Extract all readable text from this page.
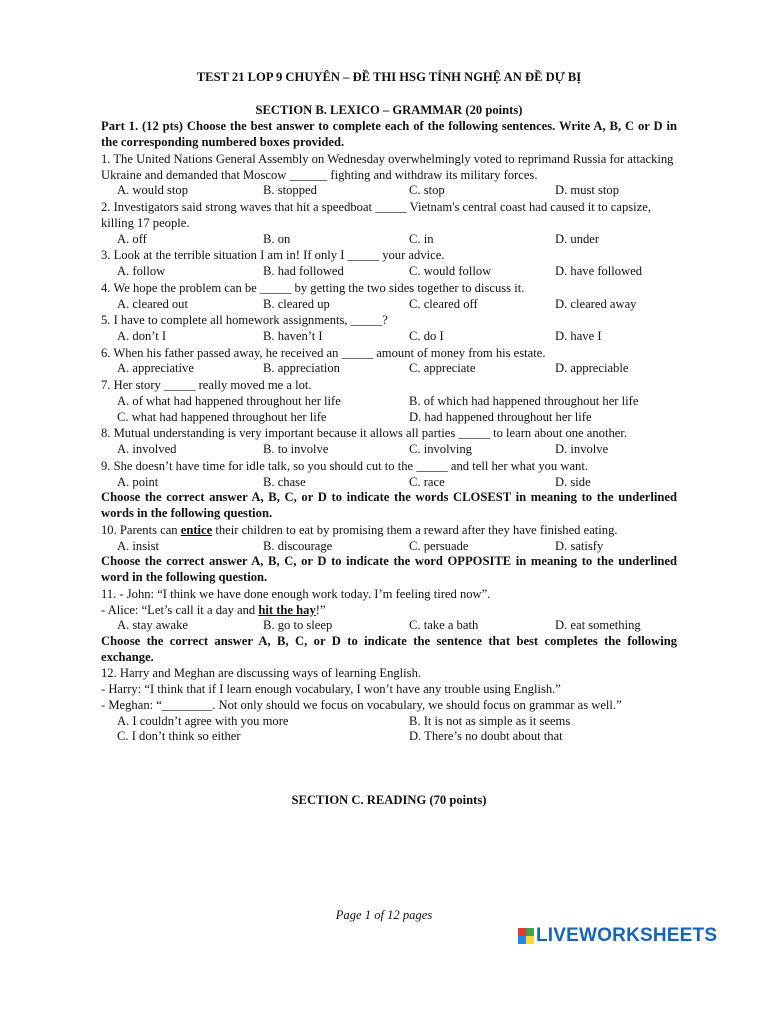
TEST 21 LOP 9 CHUYÊN – ĐỀ THI HSG TỈNH NGHỆ AN ĐỀ DỰ BỊ
SECTION B. LEXICO – GRAMMAR (20 points)
Part 1. (12 pts) Choose the best answer to complete each of the following sentences. Write A, B, C or D in the corresponding numbered boxes provided.
1. The United Nations General Assembly on Wednesday overwhelmingly voted to reprimand Russia for attacking Ukraine and demanded that Moscow ______ fighting and withdraw its military forces.
A. would stop	B. stopped	C. stop	D. must stop
2. Investigators said strong waves that hit a speedboat _____ Vietnam's central coast had caused it to capsize, killing 17 people.
A. off	B. on	C. in	D. under
3. Look at the terrible situation I am in! If only I _____ your advice.
A. follow	B. had followed	C. would follow	D. have followed
4. We hope the problem can be _____ by getting the two sides together to discuss it.
A. cleared out	B. cleared up	C. cleared off	D. cleared away
5. I have to complete all homework assignments, _____?
A. don’t I	B. haven’t I	C. do I	D. have I
6. When his father passed away, he received an _____ amount of money from his estate.
A. appreciative	B. appreciation	C. appreciate	D. appreciable
7. Her story _____ really moved me a lot.
A. of what had happened throughout her life	B. of which had happened throughout her life
C. what had happened throughout her life	D. had happened throughout her life
8. Mutual understanding is very important because it allows all parties _____ to learn about one another.
A. involved	B. to involve	C. involving	D. involve
9. She doesn’t have time for idle talk, so you should cut to the _____ and tell her what you want.
A. point	B. chase	C. race	D. side
Choose the correct answer A, B, C, or D to indicate the words CLOSEST in meaning to the underlined words in the following question.
10. Parents can entice their children to eat by promising them a reward after they have finished eating.
A. insist	B. discourage	C. persuade	D. satisfy
Choose the correct answer A, B, C, or D to indicate the word OPPOSITE in meaning to the underlined word in the following question.
11. - John: “I think we have done enough work today. I’m feeling tired now”.
- Alice: “Let’s call it a day and hit the hay!”
A. stay awake	B. go to sleep	C. take a bath	D. eat something
Choose the correct answer A, B, C, or D to indicate the sentence that best completes the following exchange.
12. Harry and Meghan are discussing ways of learning English.
- Harry: “I think that if I learn enough vocabulary, I won’t have any trouble using English.”
- Meghan: “________. Not only should we focus on vocabulary, we should focus on grammar as well.”
A. I couldn’t agree with you more	B. It is not as simple as it seems
C. I don’t think so either	D. There’s no doubt about that
SECTION C. READING (70 points)
Page 1 of 12 pages
LIVEWORKSHEETS
